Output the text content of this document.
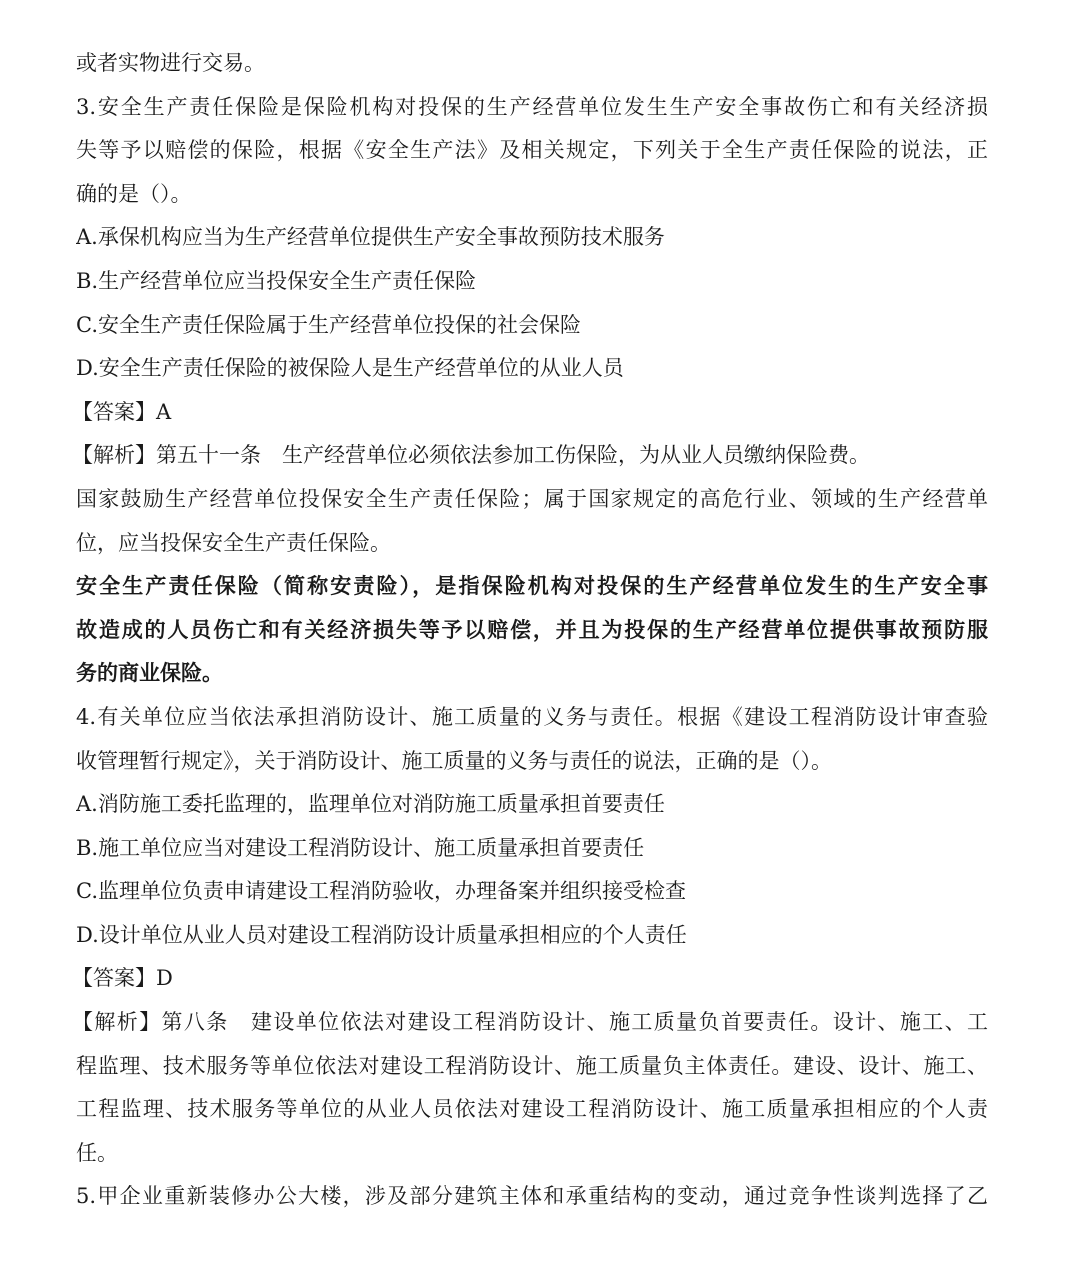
或者实物进行交易。
3.安全生产责任保险是保险机构对投保的生产经营单位发生生产安全事故伤亡和有关经济损
失等予以赔偿的保险，根据《安全生产法》及相关规定，下列关于全生产责任保险的说法，正
确的是（）。
A.承保机构应当为生产经营单位提供生产安全事故预防技术服务
B.生产经营单位应当投保安全生产责任保险
C.安全生产责任保险属于生产经营单位投保的社会保险
D.安全生产责任保险的被保险人是生产经营单位的从业人员
【答案】A
【解析】第五十一条　生产经营单位必须依法参加工伤保险，为从业人员缴纳保险费。
国家鼓励生产经营单位投保安全生产责任保险；属于国家规定的高危行业、领域的生产经营单
位，应当投保安全生产责任保险。
安全生产责任保险（简称安责险），是指保险机构对投保的生产经营单位发生的生产安全事
故造成的人员伤亡和有关经济损失等予以赔偿，并且为投保的生产经营单位提供事故预防服
务的商业保险。
4.有关单位应当依法承担消防设计、施工质量的义务与责任。根据《建设工程消防设计审查验
收管理暂行规定》，关于消防设计、施工质量的义务与责任的说法，正确的是（）。
A.消防施工委托监理的，监理单位对消防施工质量承担首要责任
B.施工单位应当对建设工程消防设计、施工质量承担首要责任
C.监理单位负责申请建设工程消防验收，办理备案并组织接受检查
D.设计单位从业人员对建设工程消防设计质量承担相应的个人责任
【答案】D
【解析】第八条　建设单位依法对建设工程消防设计、施工质量负首要责任。设计、施工、工
程监理、技术服务等单位依法对建设工程消防设计、施工质量负主体责任。建设、设计、施工、
工程监理、技术服务等单位的从业人员依法对建设工程消防设计、施工质量承担相应的个人责
任。
5.甲企业重新装修办公大楼，涉及部分建筑主体和承重结构的变动，通过竞争性谈判选择了乙
